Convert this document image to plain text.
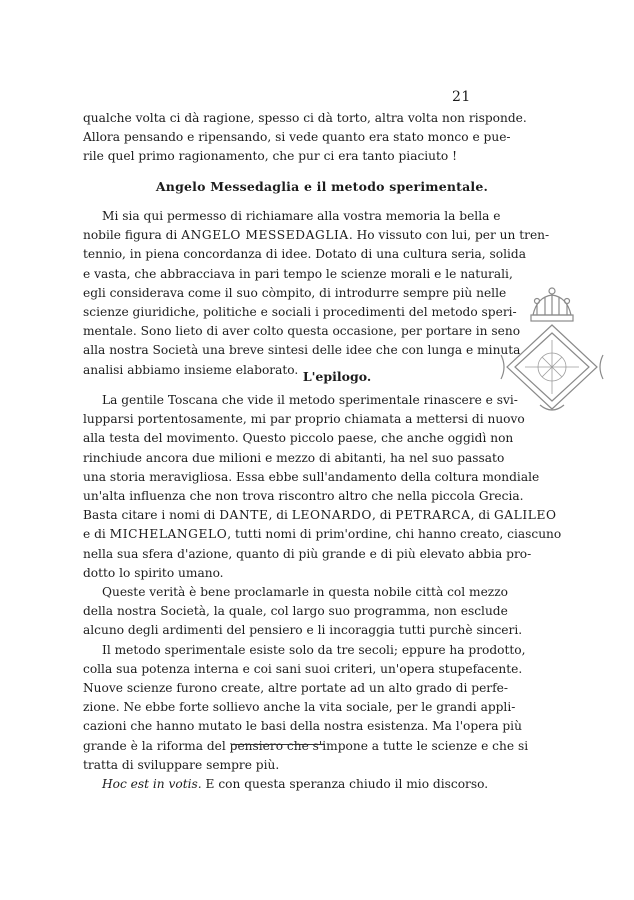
21
qualche volta ci dà ragione, spesso ci dà torto, altra volta non risponde.
Allora pensando e ripensando, si vede quanto era stato monco e pue-
rile quel primo ragionamento, che pur ci era tanto piaciuto !
Angelo Messedaglia e il metodo sperimentale.
Mi sia qui permesso di richiamare alla vostra memoria la bella e
nobile figura di ANGELO MESSEDAGLIA. Ho vissuto con lui, per un tren-
tennio, in piena concordanza di idee. Dotato di una cultura seria, solida
e vasta, che abbracciava in pari tempo le scienze morali e le naturali,
egli considerava come il suo còmpito, di introdurre sempre più nelle
scienze giuridiche, politiche e sociali i procedimenti del metodo speri-
mentale. Sono lieto di aver colto questa occasione, per portare in seno
alla nostra Società una breve sintesi delle idee che con lunga e minuta
analisi abbiamo insieme elaborato. L'epilogo.
La gentile Toscana che vide il metodo sperimentale rinascere e svi-
lupparsi portentosamente, mi par proprio chiamata a mettersi di nuovo
alla testa del movimento. Questo piccolo paese, che anche oggidì non
rinchiude ancora due milioni e mezzo di abitanti, ha nel suo passato
una storia meravigliosa. Essa ebbe sull'andamento della coltura mondiale
un'alta influenza che non trova riscontro altro che nella piccola Grecia.
Basta citare i nomi di DANTE, di LEONARDO, di PETRARCA, di GALILEO
e di MICHELANGELO, tutti nomi di prim'ordine, chi hanno creato, ciascuno
nella sua sfera d'azione, quanto di più grande e di più elevato abbia pro-
dotto lo spirito umano.
Queste verità è bene proclamarle in questa nobile città col mezzo
della nostra Società, la quale, col largo suo programma, non esclude
alcuno degli ardimenti del pensiero e li incoraggia tutti purchè sinceri.
Il metodo sperimentale esiste solo da tre secoli; eppure ha prodotto,
colla sua potenza interna e coi sani suoi criteri, un'opera stupefacente.
Nuove scienze furono create, altre portate ad un alto grado di perfe-
zione. Ne ebbe forte sollievo anche la vita sociale, per le grandi appli-
cazioni che hanno mutato le basi della nostra esistenza. Ma l'opera più
grande è la riforma del pensiero che s'impone a tutte le scienze e che si
tratta di sviluppare sempre più.
Hoc est in votis. E con questa speranza chiudo il mio discorso.
